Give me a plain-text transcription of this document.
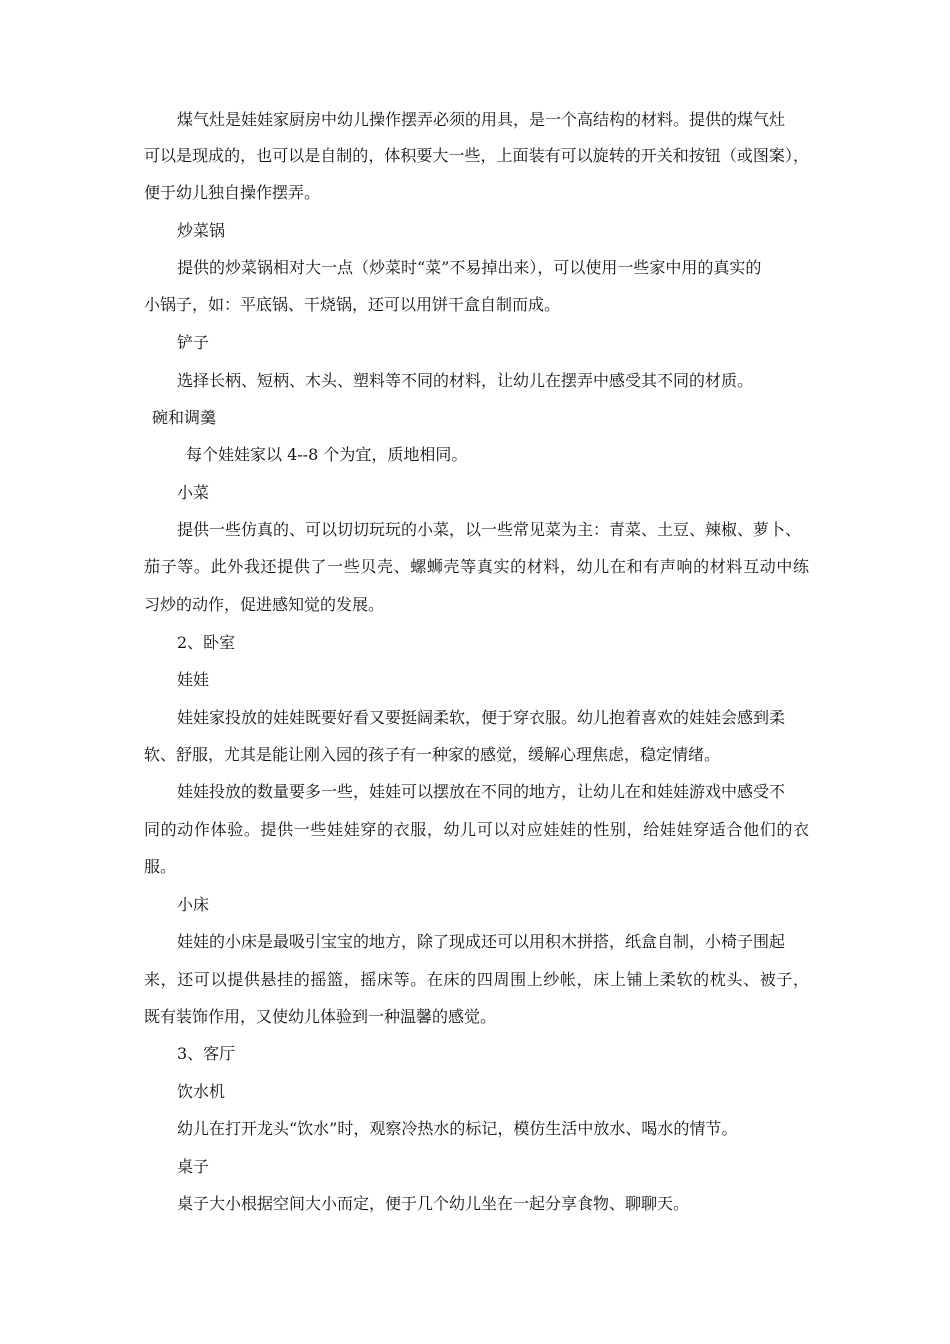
煤气灶是娃娃家厨房中幼儿操作摆弄必须的用具，是一个高结构的材料。提供的煤气灶
可以是现成的，也可以是自制的，体积要大一些，上面装有可以旋转的开关和按钮（或图案），
便于幼儿独自操作摆弄。
炒菜锅
提供的炒菜锅相对大一点（炒菜时“菜”不易掉出来），可以使用一些家中用的真实的
小锅子，如：平底锅、干烧锅，还可以用饼干盒自制而成。
铲子
选择长柄、短柄、木头、塑料等不同的材料，让幼儿在摆弄中感受其不同的材质。
碗和调羹
每个娃娃家以 4--8 个为宜，质地相同。
小菜
提供一些仿真的、可以切切玩玩的小菜，以一些常见菜为主：青菜、土豆、辣椒、萝卜、
茄子等。此外我还提供了一些贝壳、螺蛳壳等真实的材料，幼儿在和有声响的材料互动中练
习炒的动作，促进感知觉的发展。
2、卧室
娃娃
娃娃家投放的娃娃既要好看又要挺阔柔软，便于穿衣服。幼儿抱着喜欢的娃娃会感到柔
软、舒服，尤其是能让刚入园的孩子有一种家的感觉，缓解心理焦虑，稳定情绪。
娃娃投放的数量要多一些，娃娃可以摆放在不同的地方，让幼儿在和娃娃游戏中感受不
同的动作体验。提供一些娃娃穿的衣服，幼儿可以对应娃娃的性别，给娃娃穿适合他们的衣
服。
小床
娃娃的小床是最吸引宝宝的地方，除了现成还可以用积木拼搭，纸盒自制，小椅子围起
来，还可以提供悬挂的摇篮，摇床等。在床的四周围上纱帐，床上铺上柔软的枕头、被子，
既有装饰作用，又使幼儿体验到一种温馨的感觉。
3、客厅
饮水机
幼儿在打开龙头“饮水”时，观察冷热水的标记，模仿生活中放水、喝水的情节。
桌子
桌子大小根据空间大小而定，便于几个幼儿坐在一起分享食物、聊聊天。
